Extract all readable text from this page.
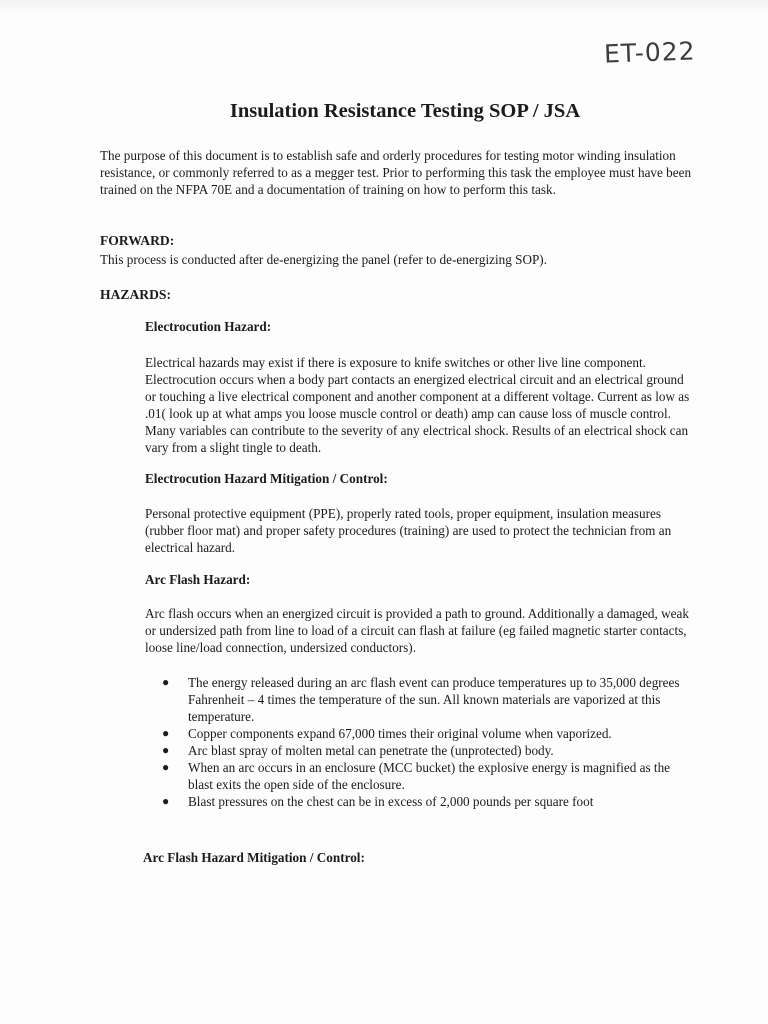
ET-022
Insulation Resistance Testing SOP / JSA

The purpose of this document is to establish safe and orderly procedures for testing motor winding insulation resistance, or commonly referred to as a megger test. Prior to performing this task the employee must have been trained on the NFPA 70E and a documentation of training on how to perform this task.

FORWARD:

This process is conducted after de-energizing the panel (refer to de-energizing SOP).

HAZARDS:
Electrocution Hazard:

Electrical hazards may exist if there is exposure to knife switches or other live line component. Electrocution occurs when a body part contacts an energized electrical circuit and an electrical ground or touching a live electrical component and another component at a different voltage. Current as low as .01( look up at what amps you loose muscle control or death) amp can cause loss of muscle control. Many variables can contribute to the severity of any electrical shock. Results of an electrical shock can vary from a slight tingle to death.

Electrocution Hazard Mitigation / Control:

Personal protective equipment (PPE), properly rated tools, proper equipment, insulation measures (rubber floor mat) and proper safety procedures (training) are used to protect the technician from an electrical hazard.

Arc Flash Hazard:

Arc flash occurs when an energized circuit is provided a path to ground. Additionally a damaged, weak or undersized path from line to load of a circuit can flash at failure (eg failed magnetic starter contacts, loose line/load connection, undersized conductors).

● The energy released during an arc flash event can produce temperatures up to 35,000 degrees Fahrenheit – 4 times the temperature of the sun. All known materials are vaporized at this temperature.
● Copper components expand 67,000 times their original volume when vaporized.
● Arc blast spray of molten metal can penetrate the (unprotected) body.
● When an arc occurs in an enclosure (MCC bucket) the explosive energy is magnified as the blast exits the open side of the enclosure.
● Blast pressures on the chest can be in excess of 2,000 pounds per square foot
Arc Flash Hazard Mitigation / Control:
